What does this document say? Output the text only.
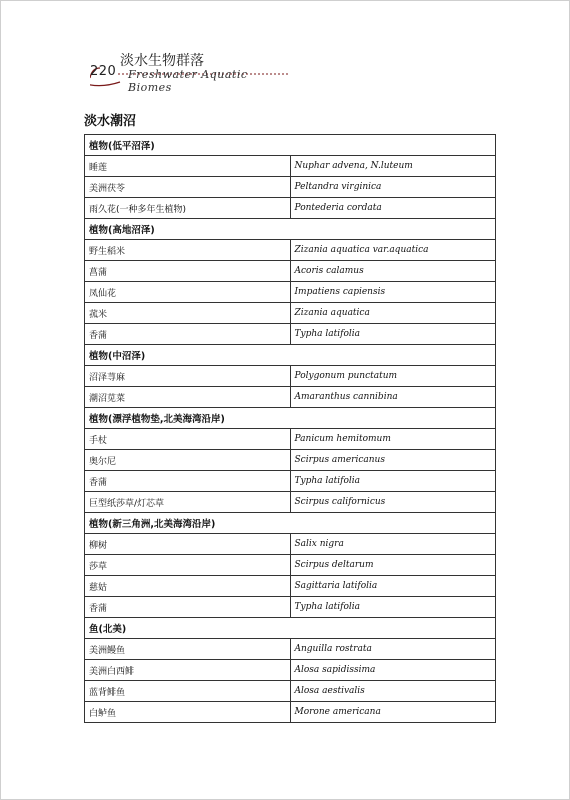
220
淡水生物群落
Freshwater Aquatic Biomes
淡水潮沼
植物(低平沼泽)	
睡莲	Nuphar advena, N.luteum
美洲茯苓	Peltandra virginica
雨久花(一种多年生植物)	Pontederia cordata
植物(高地沼泽)	
野生稻米	Zizania aquatica var.aquatica
菖蒲	Acoris calamus
凤仙花	Impatiens capiensis
菰米	Zizania aquatica
香蒲	Typha latifolia
植物(中沼泽)	
沼泽荨麻	Polygonum punctatum
潮沼苋菜	Amaranthus cannibina
植物(漂浮植物垫,北美海湾沿岸)	
手杖	Panicum hemitomum
奥尔尼	Scirpus americanus
香蒲	Typha latifolia
巨型纸莎草/灯芯草	Scirpus californicus
植物(新三角洲,北美海湾沿岸)	
柳树	Salix nigra
莎草	Scirpus deltarum
慈姑	Sagittaria latifolia
香蒲	Typha latifolia
鱼(北美)	
美洲鳗鱼	Anguilla rostrata
美洲白西鲱	Alosa sapidissima
蓝背鲱鱼	Alosa aestivalis
白鲈鱼	Morone americana
